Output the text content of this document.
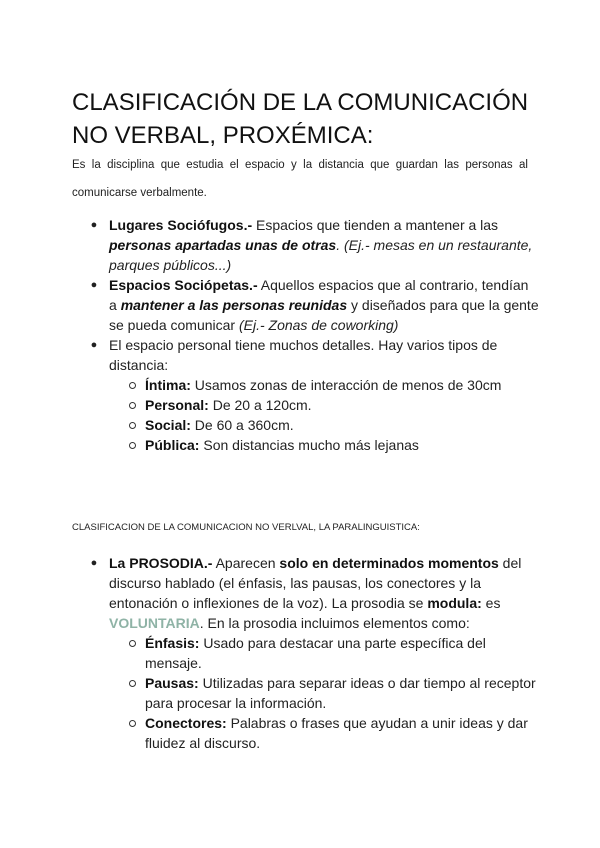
CLASIFICACIÓN DE LA COMUNICACIÓN NO VERBAL, PROXÉMICA:

Es la disciplina que estudia el espacio y la distancia que guardan las personas al comunicarse verbalmente.

● Lugares Sociófugos.- Espacios que tienden a mantener a las personas apartadas unas de otras. (Ej.- mesas en un restaurante, parques públicos...)
● Espacios Sociópetas.- Aquellos espacios que al contrario, tendían a mantener a las personas reunidas y diseñados para que la gente se pueda comunicar (Ej.- Zonas de coworking)
● El espacio personal tiene muchos detalles. Hay varios tipos de distancia:
Íntima: Usamos zonas de interacción de menos de 30cm
Personal: De 20 a 120cm.
Social: De 60 a 360cm.
Pública: Son distancias mucho más lejanas

CLASIFICACION DE LA COMUNICACION NO VERLVAL, LA PARALINGUISTICA:

● La PROSODIA.- Aparecen solo en determinados momentos del discurso hablado (el énfasis, las pausas, los conectores y la entonación o inflexiones de la voz). La prosodia se modula: es VOLUNTARIA. En la prosodia incluimos elementos como:
Énfasis: Usado para destacar una parte específica del mensaje.
Pausas: Utilizadas para separar ideas o dar tiempo al receptor para procesar la información.
Conectores: Palabras o frases que ayudan a unir ideas y dar fluidez al discurso.
